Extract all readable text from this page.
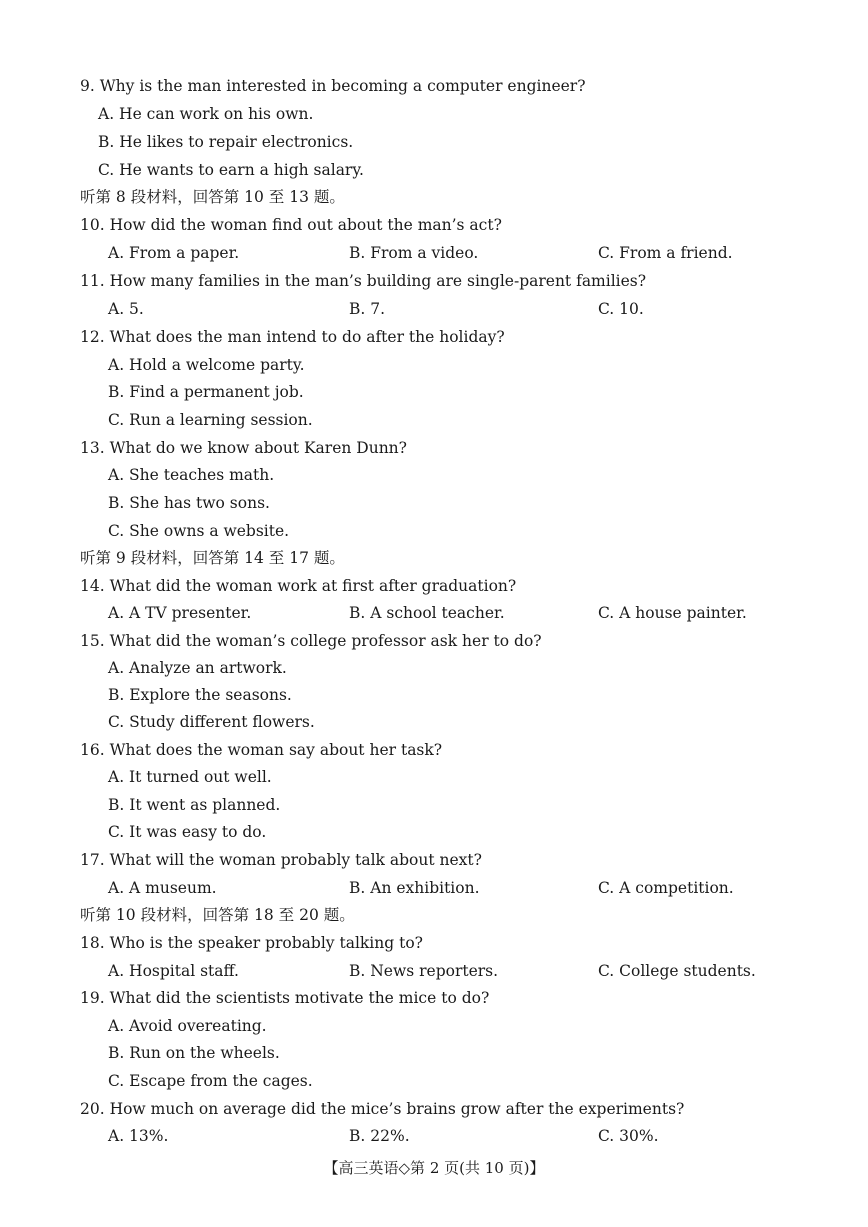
9. Why is the man interested in becoming a computer engineer?
A. He can work on his own.
B. He likes to repair electronics.
C. He wants to earn a high salary.
听第 8 段材料，回答第 10 至 13 题。
10. How did the woman find out about the man’s act?
A. From a paper.	B. From a video.	C. From a friend.
11. How many families in the man’s building are single-parent families?
A. 5.	B. 7.	C. 10.
12. What does the man intend to do after the holiday?
A. Hold a welcome party.
B. Find a permanent job.
C. Run a learning session.
13. What do we know about Karen Dunn?
A. She teaches math.
B. She has two sons.
C. She owns a website.
听第 9 段材料，回答第 14 至 17 题。
14. What did the woman work at first after graduation?
A. A TV presenter.	B. A school teacher.	C. A house painter.
15. What did the woman’s college professor ask her to do?
A. Analyze an artwork.
B. Explore the seasons.
C. Study different flowers.
16. What does the woman say about her task?
A. It turned out well.
B. It went as planned.
C. It was easy to do.
17. What will the woman probably talk about next?
A. A museum.	B. An exhibition.	C. A competition.
听第 10 段材料，回答第 18 至 20 题。
18. Who is the speaker probably talking to?
A. Hospital staff.	B. News reporters.	C. College students.
19. What did the scientists motivate the mice to do?
A. Avoid overeating.
B. Run on the wheels.
C. Escape from the cages.
20. How much on average did the mice’s brains grow after the experiments?
A. 13%.	B. 22%.	C. 30%.
【高三英语◇第 2 页(共 10 页)】
